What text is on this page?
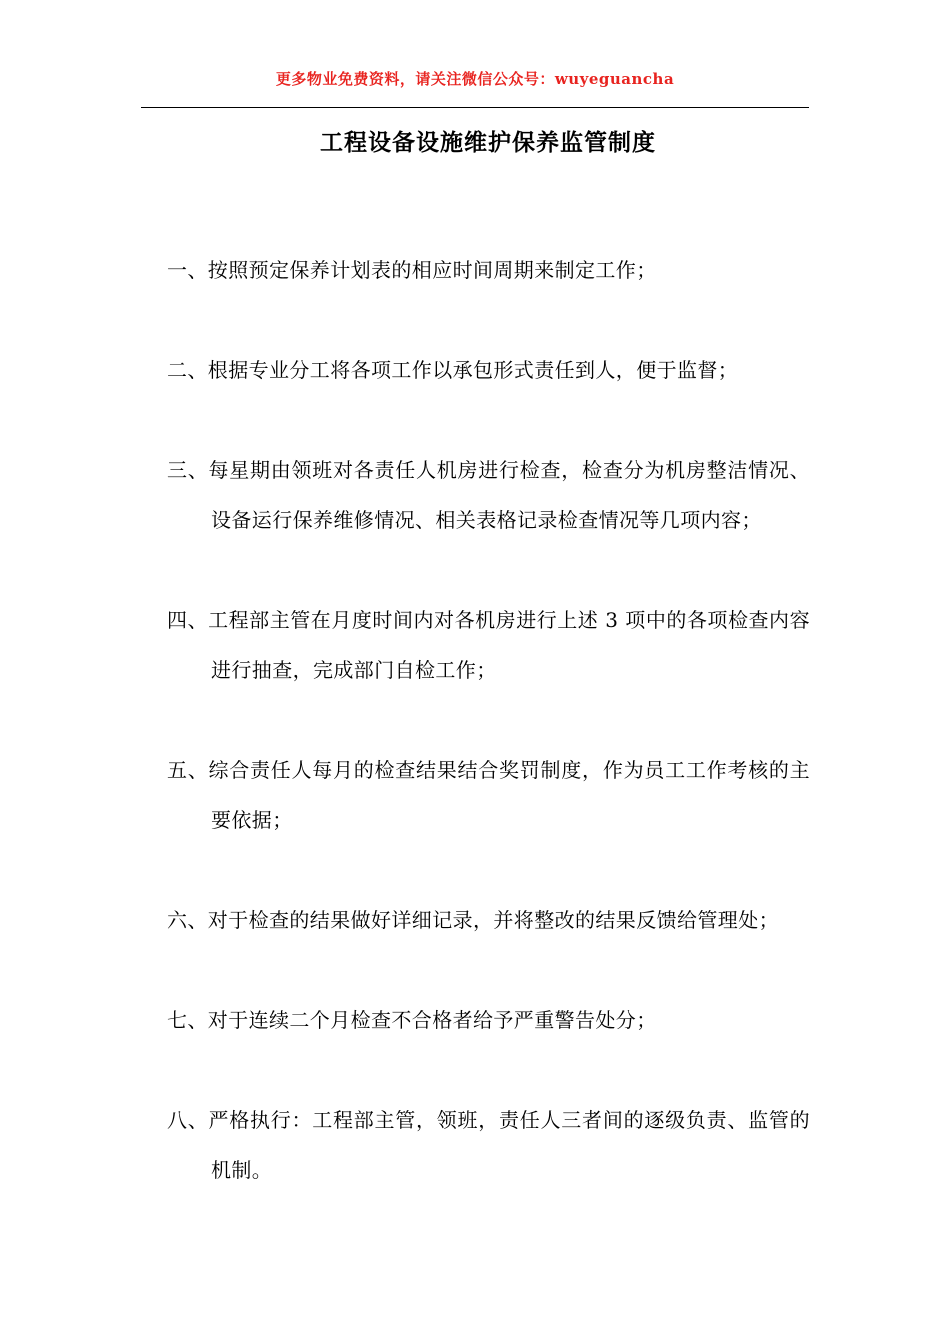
更多物业免费资料，请关注微信公众号：wuyeguancha
工程设备设施维护保养监管制度

一、按照预定保养计划表的相应时间周期来制定工作；

二、根据专业分工将各项工作以承包形式责任到人，便于监督；

三、每星期由领班对各责任人机房进行检查，检查分为机房整洁情况、设备运行保养维修情况、相关表格记录检查情况等几项内容；

四、工程部主管在月度时间内对各机房进行上述 3 项中的各项检查内容进行抽查，完成部门自检工作；

五、综合责任人每月的检查结果结合奖罚制度，作为员工工作考核的主要依据；

六、对于检查的结果做好详细记录，并将整改的结果反馈给管理处；

七、对于连续二个月检查不合格者给予严重警告处分；

八、严格执行：工程部主管，领班，责任人三者间的逐级负责、监管的机制。
